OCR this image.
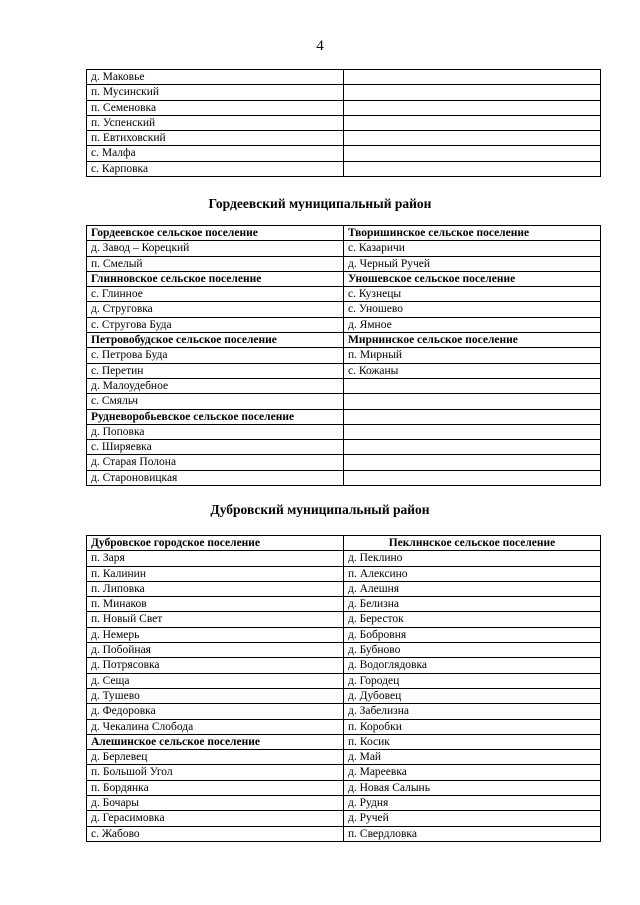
4
д. Маковье	
п. Мусинский	
п. Семеновка	
п. Успенский	
п. Евтиховский	
с. Малфа	
с. Карповка	
Гордеевский муниципальный район
Гордеевское сельское поселение	Творишинское сельское поселение
д. Завод – Корецкий	с. Казаричи
п. Смелый	д. Черный Ручей
Глинновское сельское поселение	Уношевское сельское поселение
с. Глинное	с. Кузнецы
д. Струговка	с. Уношево
с. Стругова Буда	д. Ямное
Петровобудское сельское поселение	Мирнинское сельское поселение
с. Петрова Буда	п. Мирный
с. Перетин	с. Кожаны
д. Малоудебное	
с. Смяльч	
Рудневоробьевское сельское поселение	
д. Поповка	
с. Ширяевка	
д. Старая Полона	
д. Староновицкая	
Дубровский муниципальный район
Дубровское городское поселение	Пеклинское сельское поселение
п. Заря	д. Пеклино
п. Калинин	п. Алексино
п. Липовка	д. Алешня
п. Минаков	д. Белизна
п. Новый Свет	д. Бересток
д. Немерь	д. Бобровня
д. Побойная	д. Бубново
д. Потрясовка	д. Водоглядовка
д. Сеща	д. Городец
д. Тушево	д. Дубовец
д. Федоровка	д. Забелизна
д. Чекалина Слобода	п. Коробки
Алешинское сельское поселение	п. Косик
д. Берлевец	д. Май
п. Большой Угол	д. Мареевка
п. Бордянка	д. Новая Салынь
д. Бочары	д. Рудня
д. Герасимовка	д. Ручей
с. Жабово	п. Свердловка
